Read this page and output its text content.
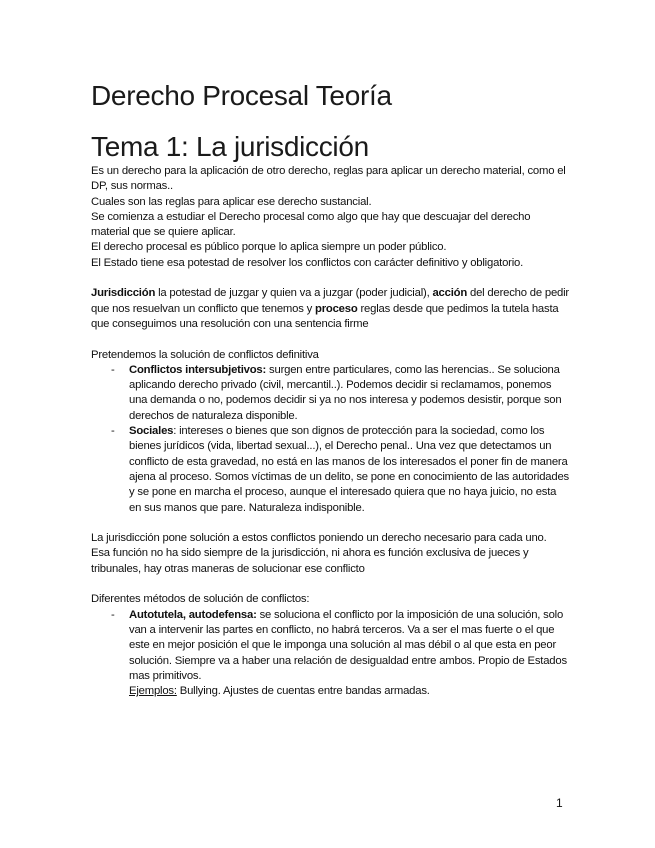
Derecho Procesal Teoría
Tema 1: La jurisdicción

Es un derecho para la aplicación de otro derecho, reglas para aplicar un derecho material, como el DP, sus normas..

Cuales son las reglas para aplicar ese derecho sustancial.

Se comienza a estudiar el Derecho procesal como algo que hay que descuajar del derecho material que se quiere aplicar.

El derecho procesal es público porque lo aplica siempre un poder público.

El Estado tiene esa potestad de resolver los conflictos con carácter definitivo y obligatorio.

Jurisdicción la potestad de juzgar y quien va a juzgar (poder judicial), acción del derecho de pedir que nos resuelvan un conflicto que tenemos y proceso reglas desde que pedimos la tutela hasta que conseguimos una resolución con una sentencia firme

Pretendemos la solución de conflictos definitiva

- Conflictos intersubjetivos: surgen entre particulares, como las herencias.. Se soluciona aplicando derecho privado (civil, mercantil..). Podemos decidir si reclamamos, ponemos una demanda o no, podemos decidir si ya no nos interesa y podemos desistir, porque son derechos de naturaleza disponible.
- Sociales: intereses o bienes que son dignos de protección para la sociedad, como los bienes jurídicos (vida, libertad sexual...), el Derecho penal.. Una vez que detectamos un conflicto de esta gravedad, no está en las manos de los interesados el poner fin de manera ajena al proceso. Somos víctimas de un delito, se pone en conocimiento de las autoridades y se pone en marcha el proceso, aunque el interesado quiera que no haya juicio, no esta en sus manos que pare. Naturaleza indisponible.

La jurisdicción pone solución a estos conflictos poniendo un derecho necesario para cada uno.

Esa función no ha sido siempre de la jurisdicción, ni ahora es función exclusiva de jueces y tribunales, hay otras maneras de solucionar ese conflicto

Diferentes métodos de solución de conflictos:

- Autotutela, autodefensa: se soluciona el conflicto por la imposición de una solución, solo van a intervenir las partes en conflicto, no habrá terceros. Va a ser el mas fuerte o el que este en mejor posición el que le imponga una solución al mas débil o al que esta en peor solución. Siempre va a haber una relación de desigualdad entre ambos. Propio de Estados mas primitivos.

Ejemplos: Bullying. Ajustes de cuentas entre bandas armadas.

1
